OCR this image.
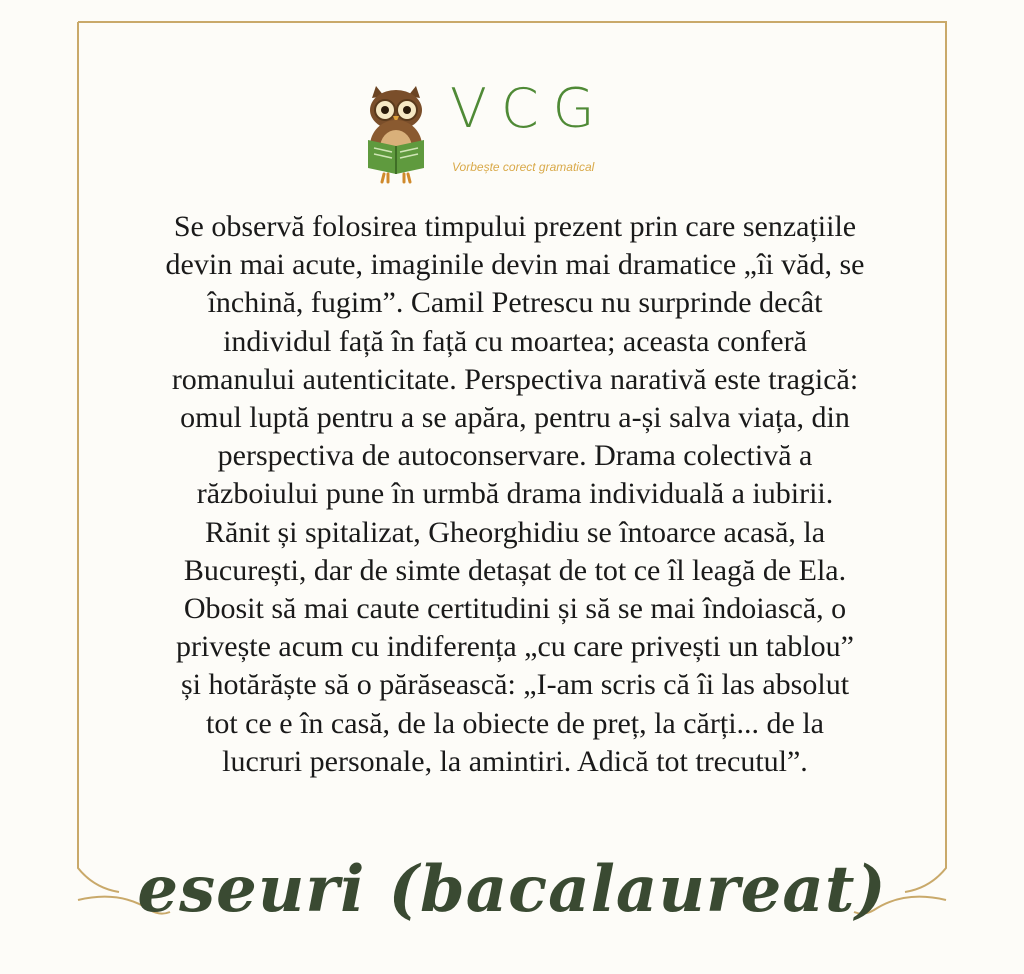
VCG
Vorbește corect gramatical

Se observă folosirea timpului prezent prin care senzațiile
devin mai acute, imaginile devin mai dramatice „îi văd, se
închină, fugim”. Camil Petrescu nu surprinde decât
individul față în față cu moartea; aceasta conferă
romanului autenticitate. Perspectiva narativă este tragică:
omul luptă pentru a se apăra, pentru a-și salva viața, din
perspectiva de autoconservare. Drama colectivă a
războiului pune în urmbă drama individuală a iubirii.
Rănit și spitalizat, Gheorghidiu se întoarce acasă, la
București, dar de simte detașat de tot ce îl leagă de Ela.
Obosit să mai caute certitudini și să se mai îndoiască, o
privește acum cu indiferența „cu care privești un tablou”
și hotărăște să o părăsească: „I-am scris că îi las absolut
tot ce e în casă, de la obiecte de preț, la cărți... de la
lucruri personale, la amintiri. Adică tot trecutul”.

eseuri (bacalaureat)
